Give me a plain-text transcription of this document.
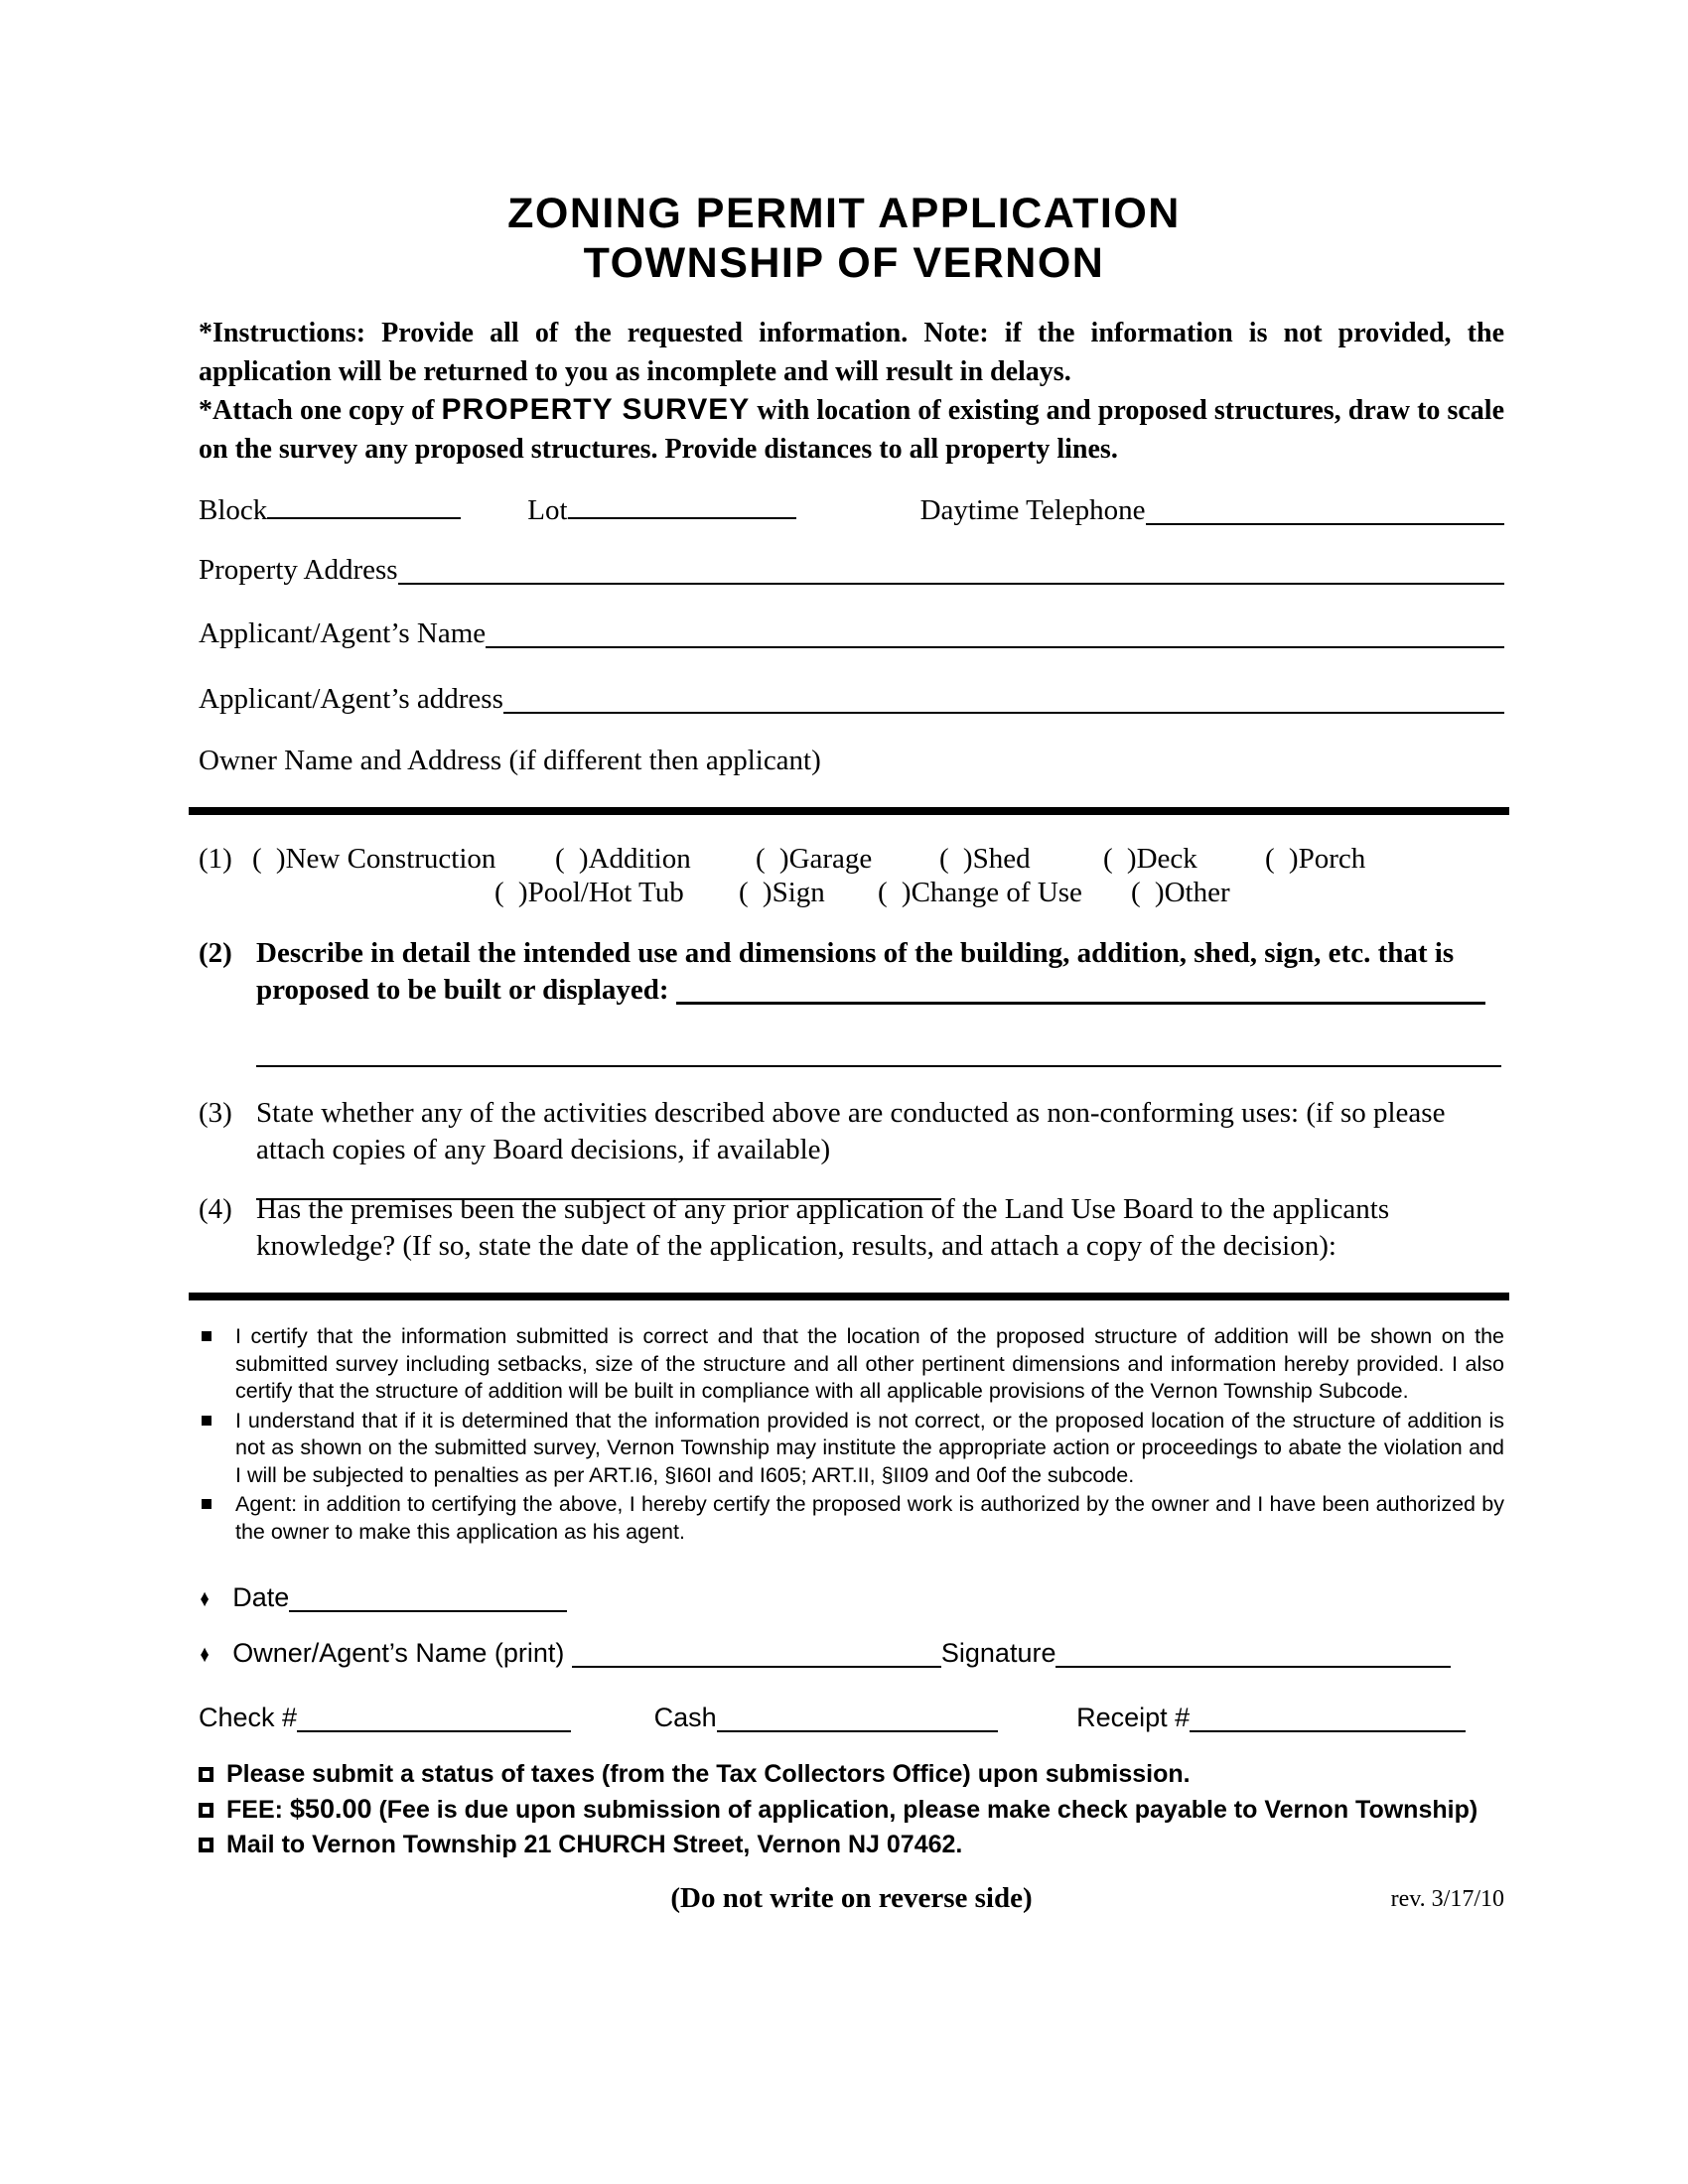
ZONING PERMIT APPLICATION
TOWNSHIP OF VERNON

*Instructions: Provide all of the requested information. Note: if the information is not provided, the application will be returned to you as incomplete and will result in delays.

*Attach one copy of PROPERTY SURVEY with location of existing and proposed structures, draw to scale on the survey any proposed structures. Provide distances to all property lines.

Block	Lot	Daytime Telephone
Property Address
Applicant/Agent’s Name
Applicant/Agent’s address
Owner Name and Address (if different then applicant)
(1) ( )New Construction ( )Addition ( )Garage ( )Shed	( )Deck ( )Porch
( )Pool/Hot Tub ( )Sign ( )Change of Use ( )Other
(2) Describe in detail the intended use and dimensions of the building, addition, shed, sign, etc. that is proposed to be built or displayed:
(3) State whether any of the activities described above are conducted as non-conforming uses: (if so please attach copies of any Board decisions, if available)
(4) Has the premises been the subject of any prior application of the Land Use Board to the applicants knowledge? (If so, state the date of the application, results, and attach a copy of the decision):

I certify that the information submitted is correct and that the location of the proposed structure of addition will be shown on the submitted survey including setbacks, size of the structure and all other pertinent dimensions and information hereby provided. I also certify that the structure of addition will be built in compliance with all applicable provisions of the Vernon Township Subcode.

I understand that if it is determined that the information provided is not correct, or the proposed location of the structure of addition is not as shown on the submitted survey, Vernon Township may institute the appropriate action or proceedings to abate the violation and I will be subjected to penalties as per ART.I6, §I60I and I605; ART.II, §II09 and 0of the subcode.

Agent: in addition to certifying the above, I hereby certify the proposed work is authorized by the owner and I have been authorized by the owner to make this application as his agent.

♦ Date
♦ Owner/Agent’s Name (print)	Signature
Check #	Cash	Receipt #
Please submit a status of taxes (from the Tax Collectors Office) upon submission.
FEE: $50.00 (Fee is due upon submission of application, please make check payable to Vernon Township)
Mail to Vernon Township 21 CHURCH Street, Vernon NJ 07462.
(Do not write on reverse side)	rev. 3/17/10
